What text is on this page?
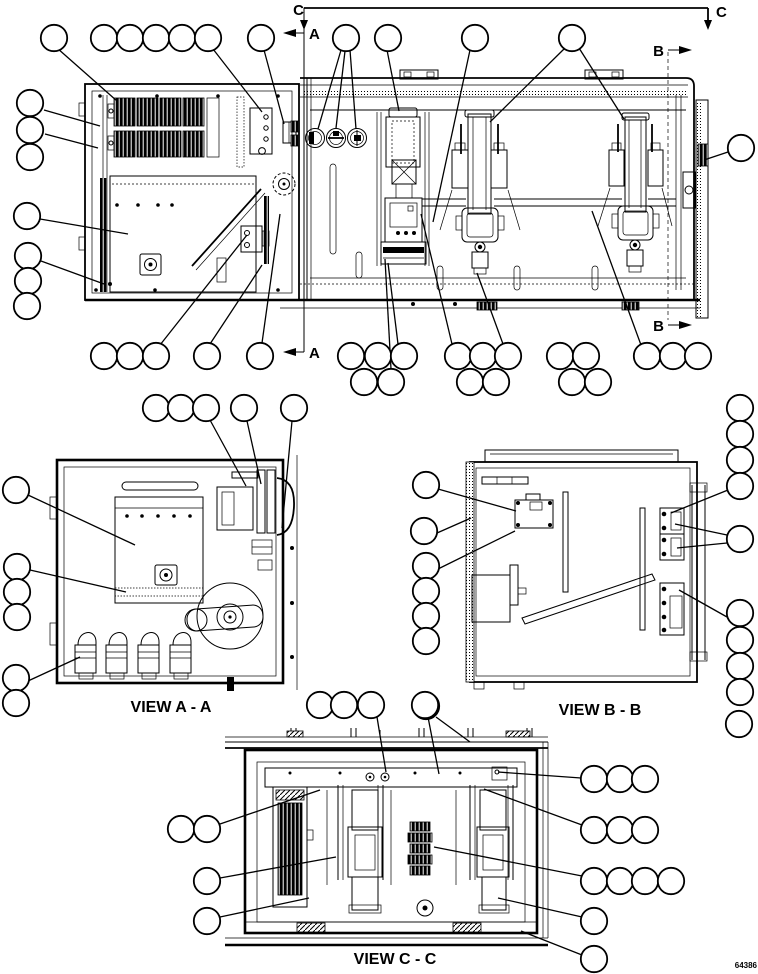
C	C
A
A
B
B
VIEW A - A	VIEW B - B
VIEW C - C	64386
